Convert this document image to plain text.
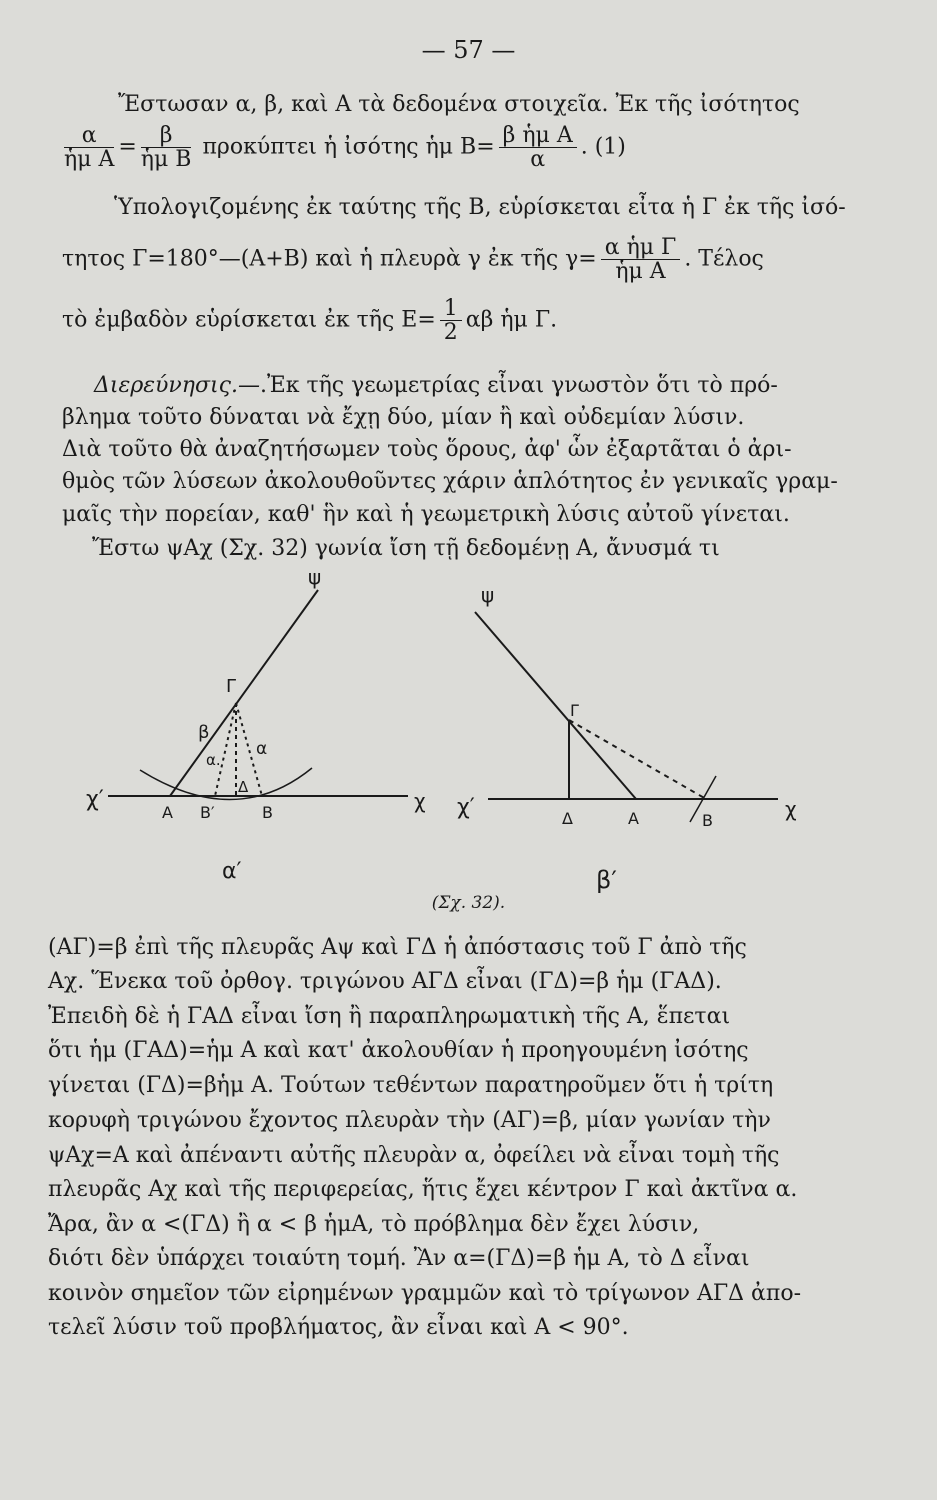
— 57 —
Ἔστωσαν α, β, καὶ Α τὰ δεδομένα στοιχεῖα. Ἐκ τῆς ἰσότητος
$\frac{\alpha}{\text{ἡμ Α}} = \frac{\beta}{\text{ἡμ Β}}$ προκύπτει ἡ ἰσότης ἡμ $B= \frac{\text{β ἡμ Α}}{\alpha}$ . (1)
Ὑπολογιζομένης ἐκ ταύτης τῆς Β, εὑρίσκεται εἶτα ἡ Γ ἐκ τῆς ἰσό-
τητος Γ=180°—(Α+Β) καὶ ἡ πλευρὰ γ ἐκ τῆς $\gamma= \frac{\text{α ἡμ Γ}}{\text{ἡμ Α}}$ . Τέλος
τὸ ἐμβαδὸν εὑρίσκεται ἐκ τῆς $E= \frac{1}{2}$ αβ ἡμ Γ.
Διερεύνησις.—.Ἐκ τῆς γεωμετρίας εἶναι γνωστὸν ὅτι τὸ πρό-
βλημα τοῦτο δύναται νὰ ἔχῃ δύο, μίαν ἢ καὶ οὐδεμίαν λύσιν.
Διὰ τοῦτο θὰ ἀναζητήσωμεν τοὺς ὅρους, ἀφ' ὧν ἐξαρτᾶται ὁ ἀρι-
θμὸς τῶν λύσεων ἀκολουθοῦντες χάριν ἁπλότητος ἐν γενικαῖς γραμ-
μαῖς τὴν πορείαν, καθ' ἣν καὶ ἡ γεωμετρικὴ λύσις αὐτοῦ γίνεται.
Ἔστω ψΑχ (Σχ. 32) γωνία ἴση τῇ δεδομένῃ Α, ἄνυσμά τι
ψ
Γ
β
α
α.
Δ
χ′
Α Β′	Β	χ
α′
ψ
Γ
χ′	Δ	Α	Β	χ
β′
(Σχ. 32).
(ΑΓ)=β ἐπὶ τῆς πλευρᾶς Αψ καὶ ΓΔ ἡ ἀπόστασις τοῦ Γ ἀπὸ τῆς
Αχ. Ἕνεκα τοῦ ὀρθογ. τριγώνου ΑΓΔ εἶναι (ΓΔ)=β ἡμ (ΓΑΔ).
Ἐπειδὴ δὲ ἡ ΓΑΔ εἶναι ἴση ἢ παραπληρωματικὴ τῆς Α, ἕπεται
ὅτι ἡμ (ΓΑΔ)=ἡμ Α καὶ κατ' ἀκολουθίαν ἡ προηγουμένη ἰσότης
γίνεται (ΓΔ)=βἡμ Α. Τούτων τεθέντων παρατηροῦμεν ὅτι ἡ τρίτη
κορυφὴ τριγώνου ἔχοντος πλευρὰν τὴν (ΑΓ)=β, μίαν γωνίαν τὴν
ψΑχ=Α καὶ ἀπέναντι αὐτῆς πλευρὰν α, ὀφείλει νὰ εἶναι τομὴ τῆς
πλευρᾶς Αχ καὶ τῆς περιφερείας, ἥτις ἔχει κέντρον Γ καὶ ἀκτῖνα α.
Ἄρα, ἂν α <(ΓΔ) ἢ α < β ἡμΑ, τὸ πρόβλημα δὲν ἔχει λύσιν,
διότι δὲν ὑπάρχει τοιαύτη τομή. Ἂν α=(ΓΔ)=β ἡμ Α, τὸ Δ εἶναι
κοινὸν σημεῖον τῶν εἰρημένων γραμμῶν καὶ τὸ τρίγωνον ΑΓΔ ἀπο-
τελεῖ λύσιν τοῦ προβλήματος, ἂν εἶναι καὶ Α < 90°.
